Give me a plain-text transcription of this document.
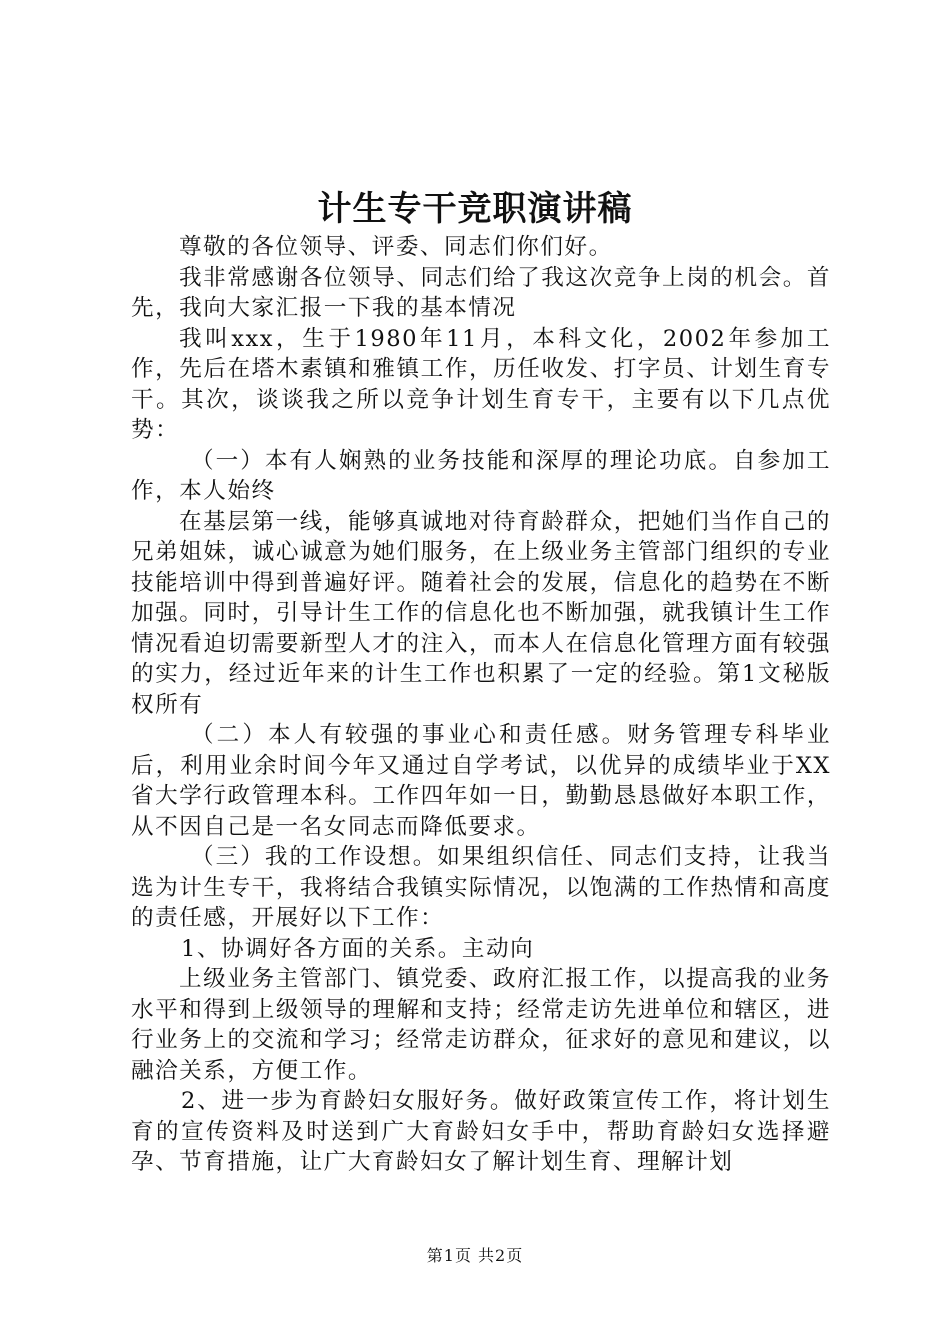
计生专干竞职演讲稿

尊敬的各位领导、评委、同志们你们好。

我非常感谢各位领导、同志们给了我这次竞争上岗的机会。首先，我向大家汇报一下我的基本情况

我叫xxx，生于1980年11月，本科文化，2002年参加工作，先后在塔木素镇和雅镇工作，历任收发、打字员、计划生育专干。其次，谈谈我之所以竞争计划生育专干，主要有以下几点优势：

（一）本有人娴熟的业务技能和深厚的理论功底。自参加工作，本人始终

在基层第一线，能够真诚地对待育龄群众，把她们当作自己的兄弟姐妹，诚心诚意为她们服务，在上级业务主管部门组织的专业技能培训中得到普遍好评。随着社会的发展，信息化的趋势在不断加强。同时，引导计生工作的信息化也不断加强，就我镇计生工作情况看迫切需要新型人才的注入，而本人在信息化管理方面有较强的实力，经过近年来的计生工作也积累了一定的经验。第1文秘版权所有

（二）本人有较强的事业心和责任感。财务管理专科毕业后，利用业余时间今年又通过自学考试，以优异的成绩毕业于XX省大学行政管理本科。工作四年如一日，勤勤恳恳做好本职工作，从不因自己是一名女同志而降低要求。

（三）我的工作设想。如果组织信任、同志们支持，让我当选为计生专干，我将结合我镇实际情况，以饱满的工作热情和高度的责任感，开展好以下工作：

1、协调好各方面的关系。主动向

上级业务主管部门、镇党委、政府汇报工作，以提高我的业务水平和得到上级领导的理解和支持；经常走访先进单位和辖区，进行业务上的交流和学习；经常走访群众，征求好的意见和建议，以融洽关系，方便工作。

2、进一步为育龄妇女服好务。做好政策宣传工作，将计划生育的宣传资料及时送到广大育龄妇女手中，帮助育龄妇女选择避孕、节育措施，让广大育龄妇女了解计划生育、理解计划

第1页 共2页
